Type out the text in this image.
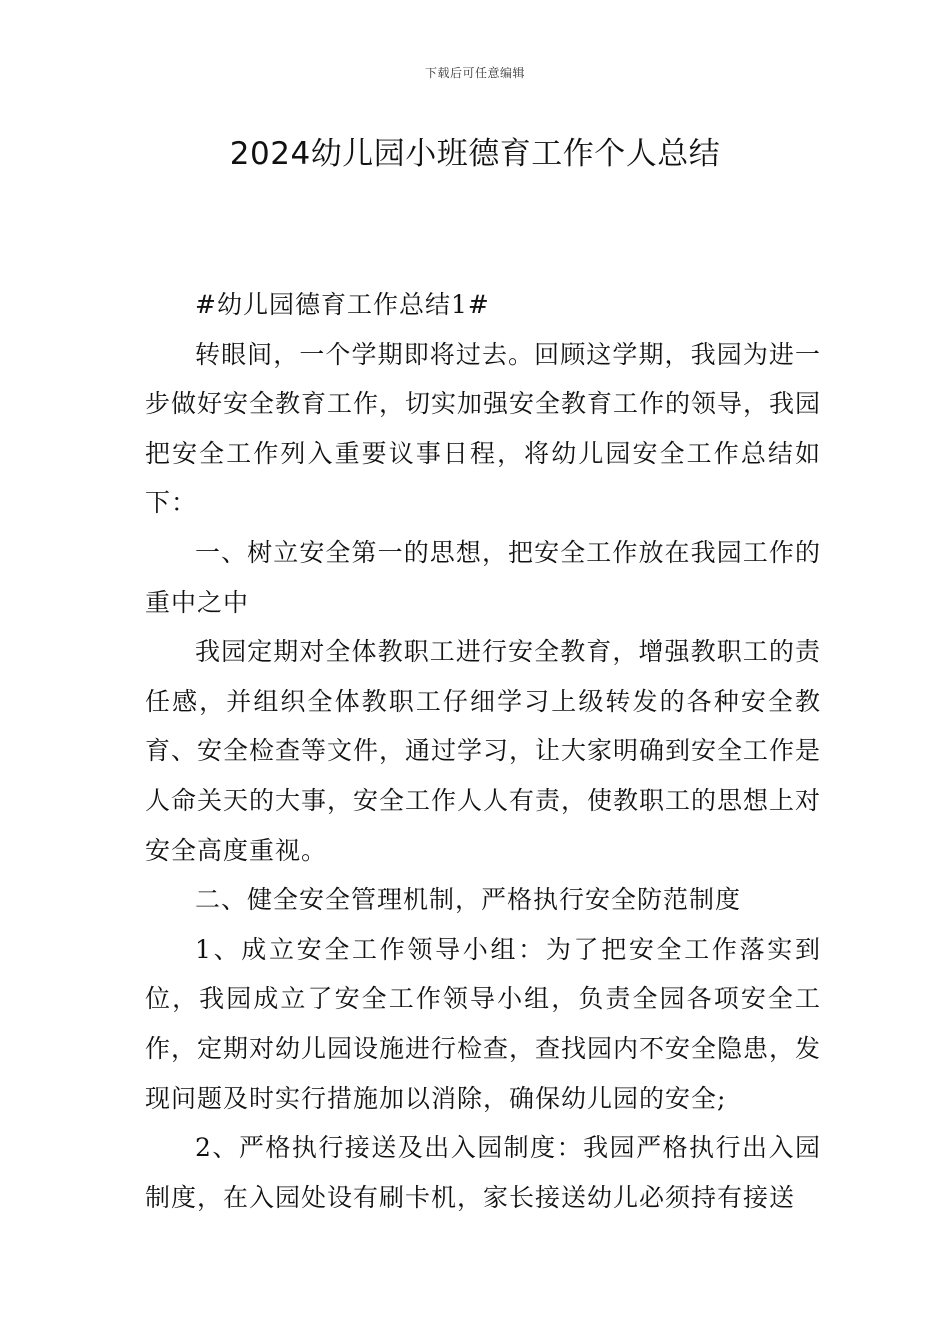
下载后可任意编辑
2024幼儿园小班德育工作个人总结

#幼儿园德育工作总结1#

转眼间，一个学期即将过去。回顾这学期，我园为进一步做好安全教育工作，切实加强安全教育工作的领导，我园把安全工作列入重要议事日程，将幼儿园安全工作总结如下：

一、树立安全第一的思想，把安全工作放在我园工作的重中之中

我园定期对全体教职工进行安全教育，增强教职工的责任感，并组织全体教职工仔细学习上级转发的各种安全教育、安全检查等文件，通过学习，让大家明确到安全工作是人命关天的大事，安全工作人人有责，使教职工的思想上对安全高度重视。

二、健全安全管理机制，严格执行安全防范制度

1、成立安全工作领导小组：为了把安全工作落实到位，我园成立了安全工作领导小组，负责全园各项安全工作，定期对幼儿园设施进行检查，查找园内不安全隐患，发现问题及时实行措施加以消除，确保幼儿园的安全;

2、严格执行接送及出入园制度：我园严格执行出入园制度，在入园处设有刷卡机，家长接送幼儿必须持有接送
